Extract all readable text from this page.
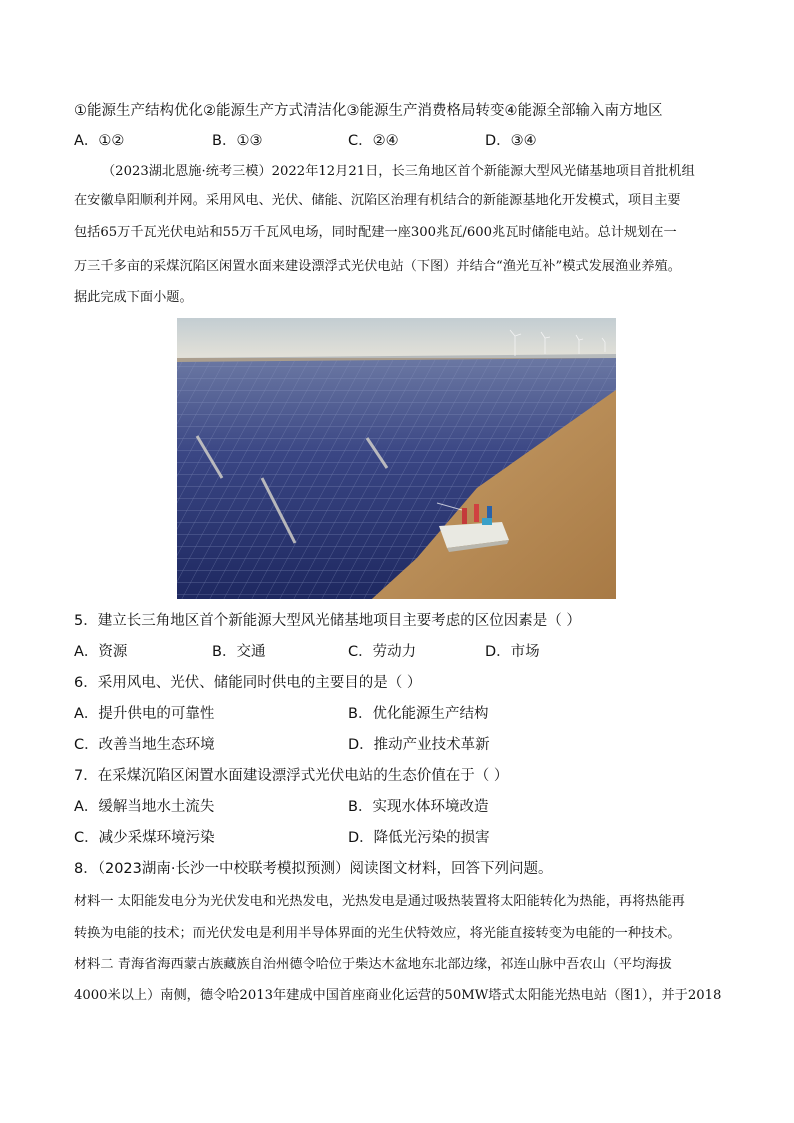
①能源生产结构优化②能源生产方式清洁化③能源生产消费格局转变④能源全部输入南方地区
A．①②	B．①③	C．②④	D．③④
（2023湖北恩施·统考三模）2022年12月21日，长三角地区首个新能源大型风光储基地项目首批机组
在安徽阜阳顺利并网。采用风电、光伏、储能、沉陷区治理有机结合的新能源基地化开发模式，项目主要
包括65万千瓦光伏电站和55万千瓦风电场，同时配建一座300兆瓦/600兆瓦时储能电站。总计规划在一
万三千多亩的采煤沉陷区闲置水面来建设漂浮式光伏电站（下图）并结合“渔光互补”模式发展渔业养殖。
据此完成下面小题。
5．建立长三角地区首个新能源大型风光储基地项目主要考虑的区位因素是（ ）
A．资源	B．交通	C．劳动力	D．市场
6．采用风电、光伏、储能同时供电的主要目的是（ ）
A．提升供电的可靠性	B．优化能源生产结构
C．改善当地生态环境	D．推动产业技术革新
7．在采煤沉陷区闲置水面建设漂浮式光伏电站的生态价值在于（ ）
A．缓解当地水土流失	B．实现水体环境改造
C．减少采煤环境污染	D．降低光污染的损害
8．（2023湖南·长沙一中校联考模拟预测）阅读图文材料，回答下列问题。
材料一 太阳能发电分为光伏发电和光热发电，光热发电是通过吸热装置将太阳能转化为热能，再将热能再
转换为电能的技术；而光伏发电是利用半导体界面的光生伏特效应，将光能直接转变为电能的一种技术。
材料二 青海省海西蒙古族藏族自治州德令哈位于柴达木盆地东北部边缘，祁连山脉中吾农山（平均海拔
4000米以上）南侧，德令哈2013年建成中国首座商业化运营的50MW塔式太阳能光热电站（图1），并于2018
